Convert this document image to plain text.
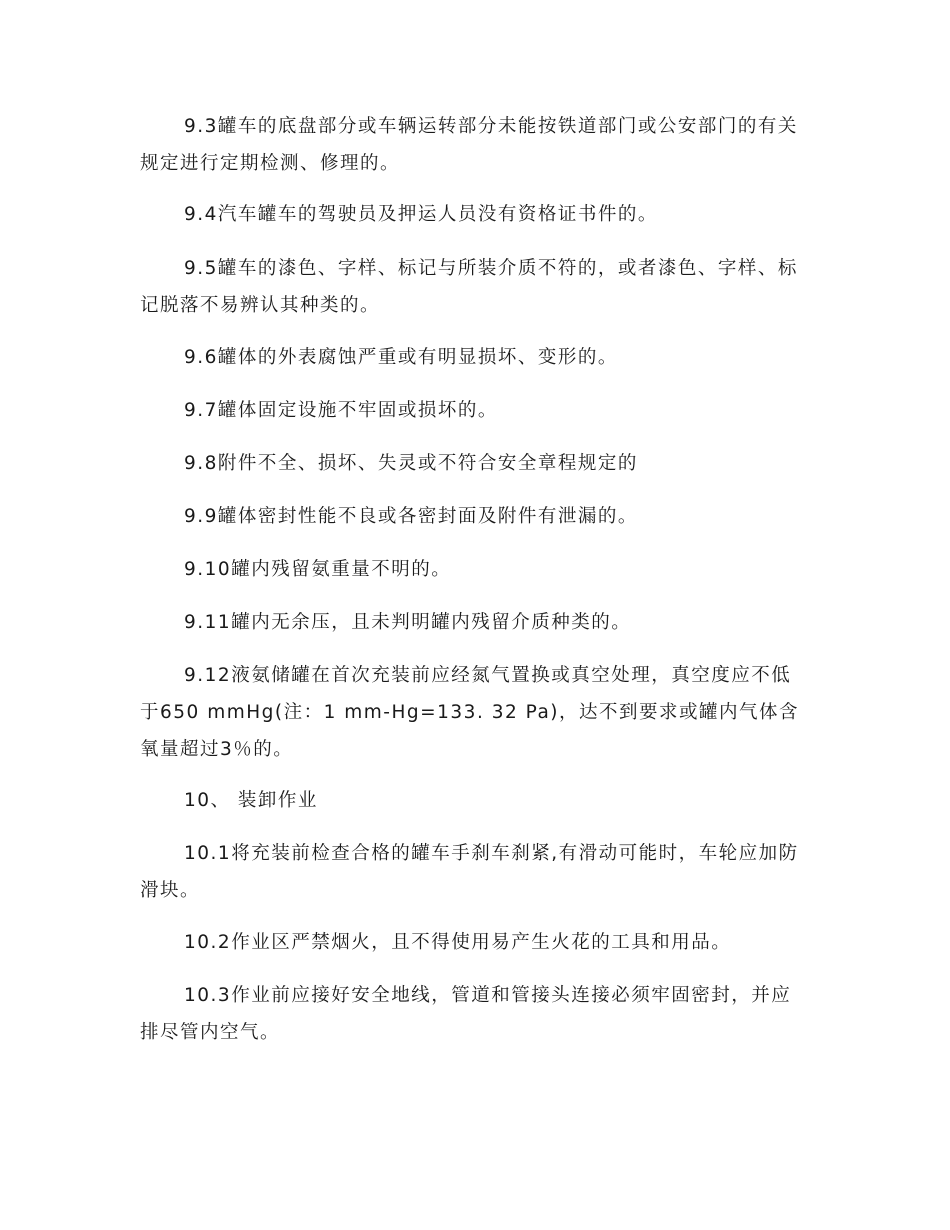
9.3罐车的底盘部分或车辆运转部分未能按铁道部门或公安部门的有关规定进行定期检测、修理的。
9.4汽车罐车的驾驶员及押运人员没有资格证书件的。
9.5罐车的漆色、字样、标记与所装介质不符的，或者漆色、字样、标记脱落不易辨认其种类的。
9.6罐体的外表腐蚀严重或有明显损坏、变形的。
9.7罐体固定设施不牢固或损坏的。
9.8附件不全、损坏、失灵或不符合安全章程规定的
9.9罐体密封性能不良或各密封面及附件有泄漏的。
9.10罐内残留氨重量不明的。
9.11罐内无余压，且未判明罐内残留介质种类的。
9.12液氨储罐在首次充装前应经氮气置换或真空处理，真空度应不低于650 mmHg(注：1 mm-Hg=133. 32 Pa)，达不到要求或罐内气体含氧量超过3％的。
10、 装卸作业
10.1将充装前检查合格的罐车手刹车刹紧,有滑动可能时，车轮应加防滑块。
10.2作业区严禁烟火，且不得使用易产生火花的工具和用品。
10.3作业前应接好安全地线，管道和管接头连接必须牢固密封，并应排尽管内空气。
